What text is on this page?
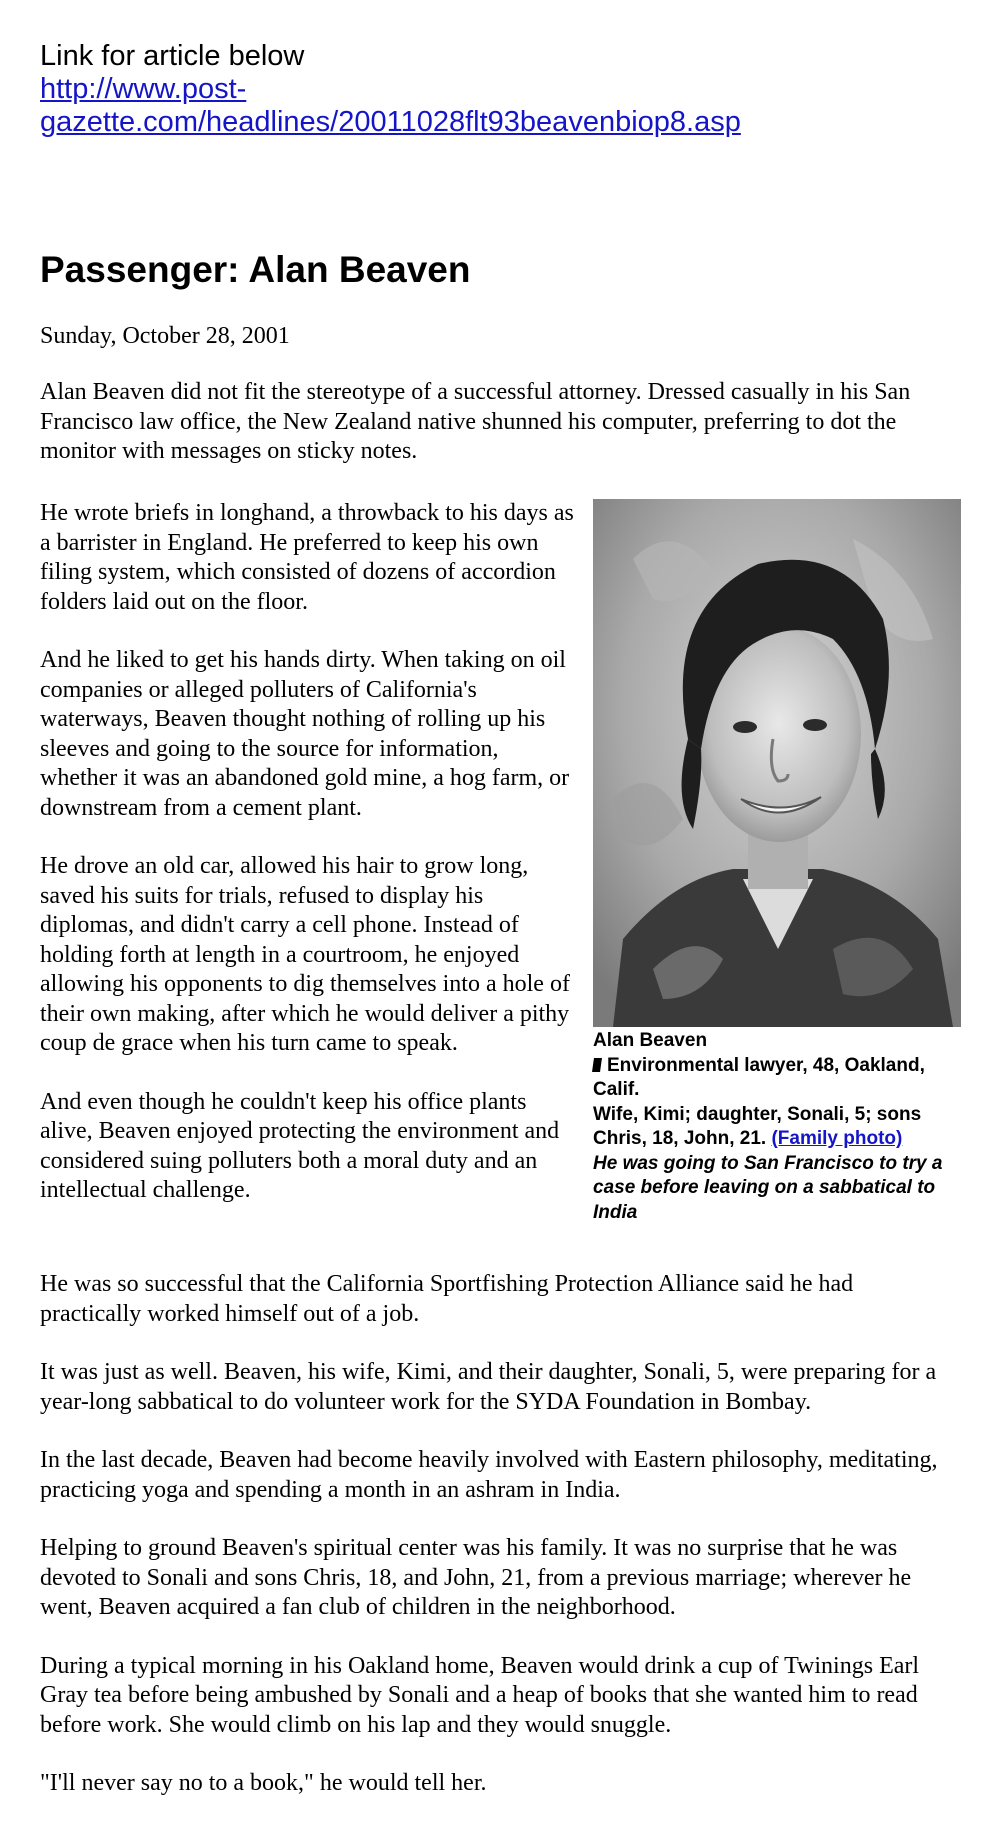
Link for article below
http://www.post-gazette.com/headlines/20011028flt93beavenbiop8.asp
Passenger: Alan Beaven
Sunday, October 28, 2001

Alan Beaven did not fit the stereotype of a successful attorney. Dressed casually in his San Francisco law office, the New Zealand native shunned his computer, preferring to dot the monitor with messages on sticky notes.

He wrote briefs in longhand, a throwback to his days as a barrister in England. He preferred to keep his own filing system, which consisted of dozens of accordion folders laid out on the floor.

And he liked to get his hands dirty. When taking on oil companies or alleged polluters of California's waterways, Beaven thought nothing of rolling up his sleeves and going to the source for information, whether it was an abandoned gold mine, a hog farm, or downstream from a cement plant.

He drove an old car, allowed his hair to grow long, saved his suits for trials, refused to display his diplomas, and didn't carry a cell phone. Instead of holding forth at length in a courtroom, he enjoyed allowing his opponents to dig themselves into a hole of their own making, after which he would deliver a pithy coup de grace when his turn came to speak.

And even though he couldn't keep his office plants alive, Beaven enjoyed protecting the environment and considered suing polluters both a moral duty and an intellectual challenge.

Alan Beaven
Environmental lawyer, 48, Oakland, Calif.
Wife, Kimi; daughter, Sonali, 5; sons Chris, 18, John, 21. (Family photo)
He was going to San Francisco to try a case before leaving on a sabbatical to India

He was so successful that the California Sportfishing Protection Alliance said he had practically worked himself out of a job.

It was just as well. Beaven, his wife, Kimi, and their daughter, Sonali, 5, were preparing for a year-long sabbatical to do volunteer work for the SYDA Foundation in Bombay.

In the last decade, Beaven had become heavily involved with Eastern philosophy, meditating, practicing yoga and spending a month in an ashram in India.

Helping to ground Beaven's spiritual center was his family. It was no surprise that he was devoted to Sonali and sons Chris, 18, and John, 21, from a previous marriage; wherever he went, Beaven acquired a fan club of children in the neighborhood.

During a typical morning in his Oakland home, Beaven would drink a cup of Twinings Earl Gray tea before being ambushed by Sonali and a heap of books that she wanted him to read before work. She would climb on his lap and they would snuggle.

"I'll never say no to a book," he would tell her.
